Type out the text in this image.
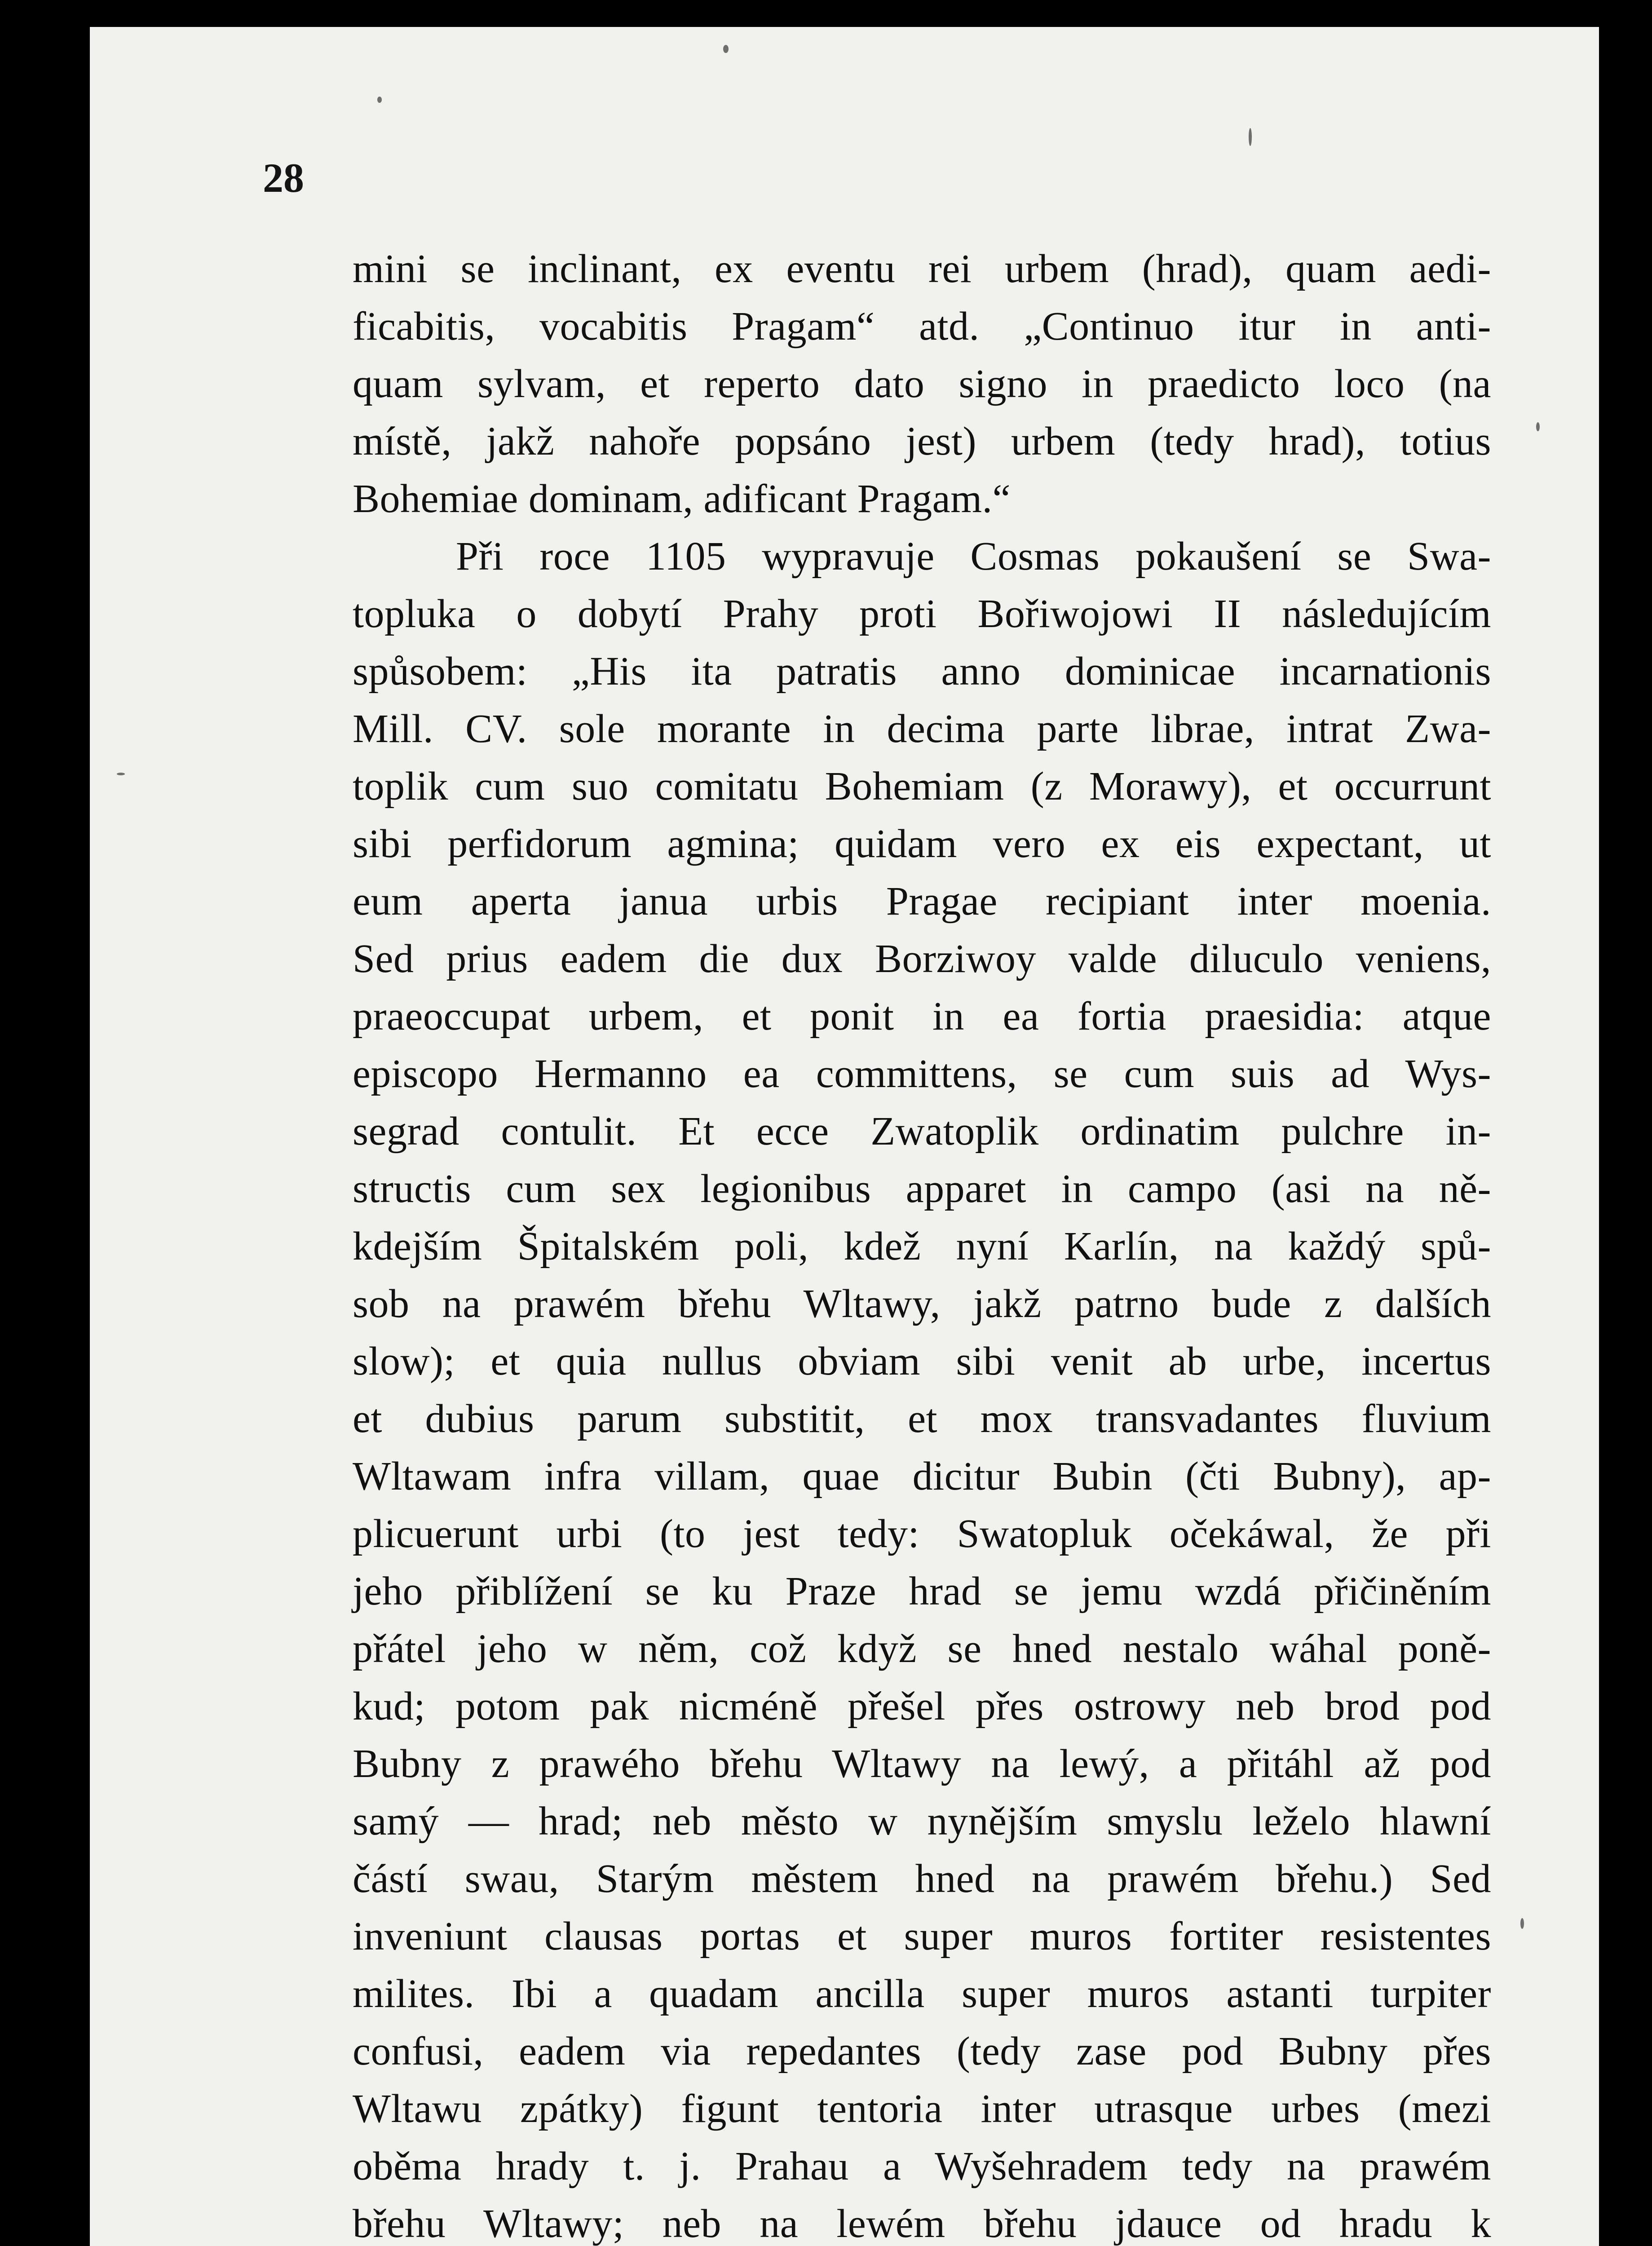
28
mini se inclinant, ex eventu rei urbem (hrad), quam aedi-
ficabitis, vocabitis Pragam“ atd. „Continuo itur in anti-
quam sylvam, et reperto dato signo in praedicto loco (na
místě, jakž nahoře popsáno jest) urbem (tedy hrad), totius
Bohemiae dominam, adificant Pragam.“
Při roce 1105 wypravuje Cosmas pokaušení se Swa-
topluka o dobytí Prahy proti Bořiwojowi II následujícím
spůsobem: „His ita patratis anno dominicae incarnationis
Mill. CV. sole morante in decima parte librae, intrat Zwa-
toplik cum suo comitatu Bohemiam (z Morawy), et occurrunt
sibi perfidorum agmina; quidam vero ex eis expectant, ut
eum aperta janua urbis Pragae recipiant inter moenia.
Sed prius eadem die dux Borziwoy valde diluculo veniens,
praeoccupat urbem, et ponit in ea fortia praesidia: atque
episcopo Hermanno ea committens, se cum suis ad Wys-
segrad contulit. Et ecce Zwatoplik ordinatim pulchre in-
structis cum sex legionibus apparet in campo (asi na ně-
kdejším Špitalském poli, kdež nyní Karlín, na každý spů-
sob na prawém břehu Wltawy, jakž patrno bude z dalších
slow); et quia nullus obviam sibi venit ab urbe, incertus
et dubius parum substitit, et mox transvadantes fluvium
Wltawam infra villam, quae dicitur Bubin (čti Bubny), ap-
plicuerunt urbi (to jest tedy: Swatopluk očekáwal, že při
jeho přiblížení se ku Praze hrad se jemu wzdá přičiněním
přátel jeho w něm, což když se hned nestalo wáhal poně-
kud; potom pak nicméně přešel přes ostrowy neb brod pod
Bubny z prawého břehu Wltawy na lewý, a přitáhl až pod
samý — hrad; neb město w nynějším smyslu leželo hlawní
částí swau, Starým městem hned na prawém břehu.) Sed
inveniunt clausas portas et super muros fortiter resistentes
milites. Ibi a quadam ancilla super muros astanti turpiter
confusi, eadem via repedantes (tedy zase pod Bubny přes
Wltawu zpátky) figunt tentoria inter utrasque urbes (mezi
oběma hrady t. j. Prahau a Wyšehradem tedy na prawém
břehu Wltawy; neb na lewém břehu jdauce od hradu k
